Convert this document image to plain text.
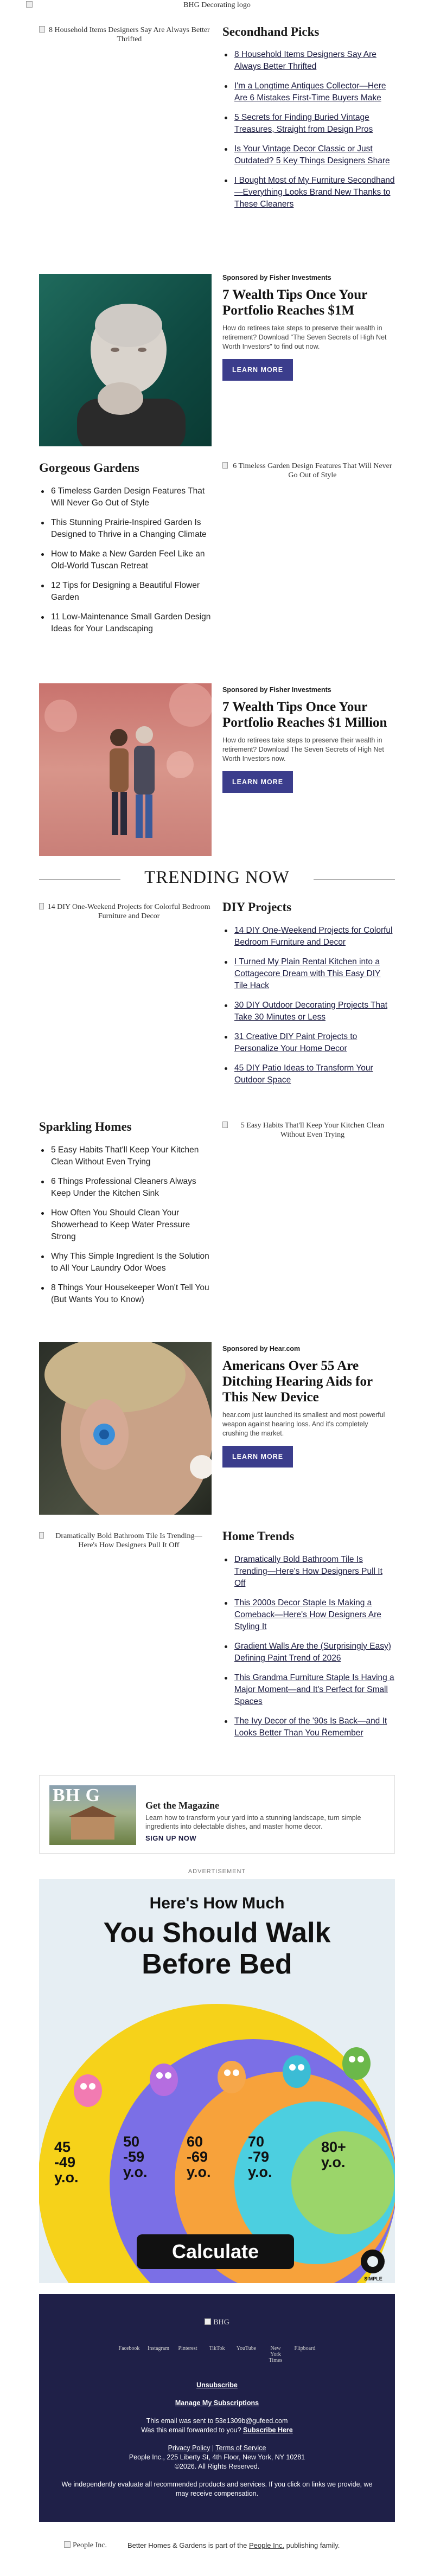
BHG Decorating logo
8 Household Items Designers Say Are Always Better Thrifted
Secondhand Picks
8 Household Items Designers Say Are Always Better Thrifted
I'm a Longtime Antiques Collector—Here Are 6 Mistakes First-Time Buyers Make
5 Secrets for Finding Buried Vintage Treasures, Straight from Design Pros
Is Your Vintage Decor Classic or Just Outdated? 5 Key Things Designers Share
I Bought Most of My Furniture Secondhand—Everything Looks Brand New Thanks to These Cleaners
Sponsored by Fisher Investments
7 Wealth Tips Once Your Portfolio Reaches $1M
How do retirees take steps to preserve their wealth in retirement? Download "The Seven Secrets of High Net Worth Investors" to find out now.
LEARN MORE
Gorgeous Gardens
6 Timeless Garden Design Features That Will Never Go Out of Style
This Stunning Prairie-Inspired Garden Is Designed to Thrive in a Changing Climate
How to Make a New Garden Feel Like an Old-World Tuscan Retreat
12 Tips for Designing a Beautiful Flower Garden
11 Low-Maintenance Small Garden Design Ideas for Your Landscaping
6 Timeless Garden Design Features That Will Never Go Out of Style
Sponsored by Fisher Investments
7 Wealth Tips Once Your Portfolio Reaches $1 Million
How do retirees take steps to preserve their wealth in retirement? Download The Seven Secrets of High Net Worth Investors now.
LEARN MORE
TRENDING NOW
14 DIY One-Weekend Projects for Colorful Bedroom Furniture and Decor
DIY Projects
14 DIY One-Weekend Projects for Colorful Bedroom Furniture and Decor
I Turned My Plain Rental Kitchen into a Cottagecore Dream with This Easy DIY Tile Hack
30 DIY Outdoor Decorating Projects That Take 30 Minutes or Less
31 Creative DIY Paint Projects to Personalize Your Home Decor
45 DIY Patio Ideas to Transform Your Outdoor Space
Sparkling Homes
5 Easy Habits That'll Keep Your Kitchen Clean Without Even Trying
6 Things Professional Cleaners Always Keep Under the Kitchen Sink
How Often You Should Clean Your Showerhead to Keep Water Pressure Strong
Why This Simple Ingredient Is the Solution to All Your Laundry Odor Woes
8 Things Your Housekeeper Won't Tell You (But Wants You to Know)
5 Easy Habits That'll Keep Your Kitchen Clean Without Even Trying
Sponsored by Hear.com
Americans Over 55 Are Ditching Hearing Aids for This New Device
hear.com just launched its smallest and most powerful weapon against hearing loss. And it's completely crushing the market.
LEARN MORE
Dramatically Bold Bathroom Tile Is Trending—Here's How Designers Pull It Off
Home Trends
Dramatically Bold Bathroom Tile Is Trending—Here's How Designers Pull It Off
This 2000s Decor Staple Is Making a Comeback—Here's How Designers Are Styling It
Gradient Walls Are the (Surprisingly Easy) Defining Paint Trend of 2026
This Grandma Furniture Staple Is Having a Major Moment—and It's Perfect for Small Spaces
The Ivy Decor of the '90s Is Back—and It Looks Better Than You Remember
BH G	Get the Magazine
Learn how to transform your yard into a stunning landscape, turn simple ingredients into delectable dishes, and master home decor.
SIGN UP NOW
ADVERTISEMENT
Here's How Much
You Should Walk
Before Bed
45 -49 y.o.
50 -59 y.o.
60 -69 y.o.
70 -79 y.o.
80+ y.o.
Calculate
SIMPLE
BHG
Facebook Instagram Pinterest	TikTok	YouTube	New York Times
Flipboard
Unsubscribe
Manage My Subscriptions
This email was sent to 53e1309b@gufeed.com
Was this email forwarded to you? Subscribe Here
Privacy Policy | Terms of Service
People Inc., 225 Liberty St, 4th Floor, New York, NY 10281
©2026. All Rights Reserved.
We independently evaluate all recommended products and services. If you click on links we provide, we may receive compensation.
People Inc.	Better Homes & Gardens is part of the People Inc. publishing family.
